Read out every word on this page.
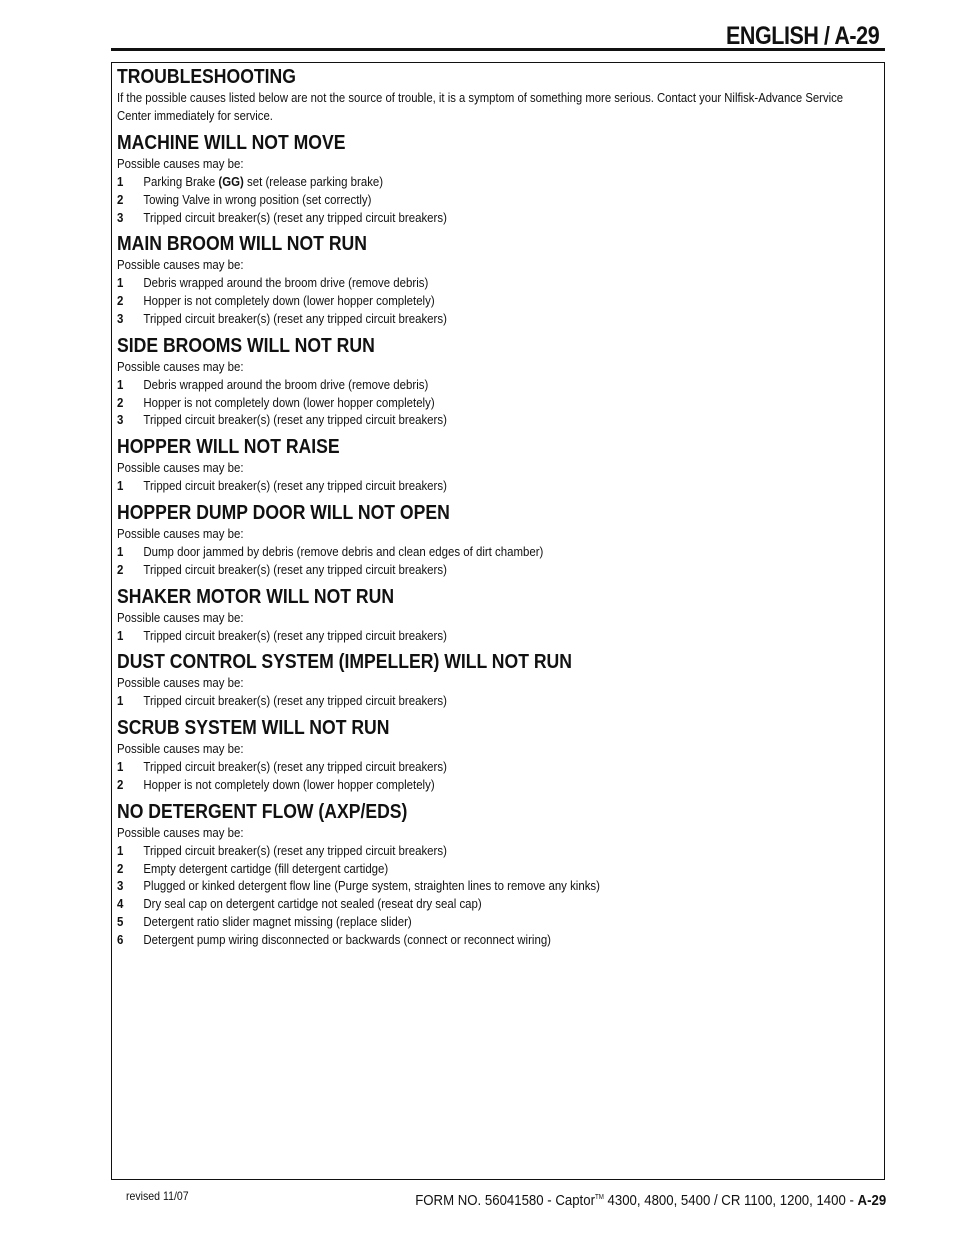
ENGLISH / A-29
TROUBLESHOOTING

If the possible causes listed below are not the source of trouble, it is a symptom of something more serious. Contact your Nilfisk-Advance Service Center immediately for service.

MACHINE WILL NOT MOVE

Possible causes may be:

1 Parking Brake (GG) set (release parking brake)
2 Towing Valve in wrong position (set correctly)
3 Tripped circuit breaker(s) (reset any tripped circuit breakers)
MAIN BROOM WILL NOT RUN

Possible causes may be:

1 Debris wrapped around the broom drive (remove debris)
2 Hopper is not completely down (lower hopper completely)
3 Tripped circuit breaker(s) (reset any tripped circuit breakers)
SIDE BROOMS WILL NOT RUN

Possible causes may be:

1 Debris wrapped around the broom drive (remove debris)
2 Hopper is not completely down (lower hopper completely)
3 Tripped circuit breaker(s) (reset any tripped circuit breakers)
HOPPER WILL NOT RAISE

Possible causes may be:

1 Tripped circuit breaker(s) (reset any tripped circuit breakers)
HOPPER DUMP DOOR WILL NOT OPEN

Possible causes may be:

1 Dump door jammed by debris (remove debris and clean edges of dirt chamber)
2 Tripped circuit breaker(s) (reset any tripped circuit breakers)
SHAKER MOTOR WILL NOT RUN

Possible causes may be:

1 Tripped circuit breaker(s) (reset any tripped circuit breakers)
DUST CONTROL SYSTEM (IMPELLER) WILL NOT RUN

Possible causes may be:

1 Tripped circuit breaker(s) (reset any tripped circuit breakers)
SCRUB SYSTEM WILL NOT RUN

Possible causes may be:

1 Tripped circuit breaker(s) (reset any tripped circuit breakers)
2 Hopper is not completely down (lower hopper completely)
NO DETERGENT FLOW (AXP/EDS)

Possible causes may be:

1 Tripped circuit breaker(s) (reset any tripped circuit breakers)
2 Empty detergent cartidge (fill detergent cartidge)
3 Plugged or kinked detergent flow line (Purge system, straighten lines to remove any kinks)
4 Dry seal cap on detergent cartidge not sealed (reseat dry seal cap)
5 Detergent ratio slider magnet missing (replace slider)
6 Detergent pump wiring disconnected or backwards (connect or reconnect wiring)
revised 11/07	FORM NO. 56041580 - Captor™ 4300, 4800, 5400 / CR 1100, 1200, 1400 - A-29
